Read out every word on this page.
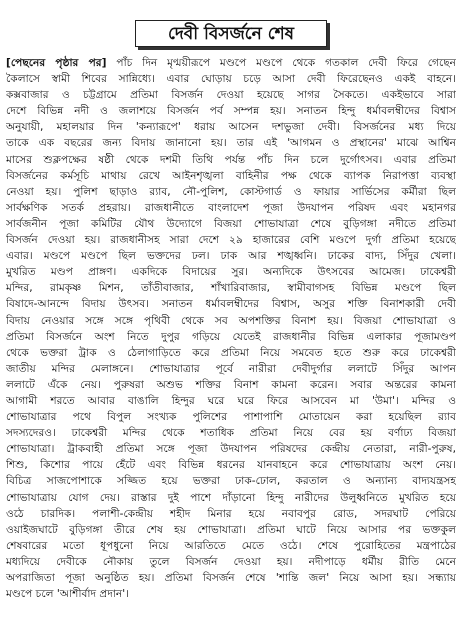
দেবী বিসর্জনে শেষ
[পেছনের পৃষ্ঠার পর] পাঁচ দিন মৃণ্ময়ীরূপে মণ্ডপে মণ্ডপে থেকে গতকাল দেবী ফিরে গেছেন
কৈলাসে স্বামী শিবের সান্নিধ্যে। এবার ঘোড়ায় চড়ে আসা দেবী ফিরেছেনও একই বাহনে।
কক্সবাজার ও চট্টগ্রামে প্রতিমা বিসর্জন দেওয়া হয়েছে সাগর সৈকতে। একইভাবে সারা
দেশে বিভিন্ন নদী ও জলাশয়ে বিসর্জন পর্ব সম্পন্ন হয়। সনাতন হিন্দু ধর্মাবলম্বীদের বিশ্বাস
অনুযায়ী, মহালয়ার দিন 'কন্যারূপে' ধরায় আসেন দশভুজা দেবী। বিসর্জনের মধ্য দিয়ে
তাকে এক বছরের জন্য বিদায় জানানো হয়। তার এই 'আগমন ও প্রস্থানের' মাঝে আশ্বিন
মাসের শুক্লপক্ষের ষষ্ঠী থেকে দশমী তিথি পর্যন্ত পাঁচ দিন চলে দুর্গোৎসব। এবার প্রতিমা
বিসর্জনের কর্মসূচি মাথায় রেখে আইনশৃঙ্খলা বাহিনীর পক্ষ থেকে ব্যাপক নিরাপত্তা ব্যবস্থা
নেওয়া হয়। পুলিশ ছাড়াও র‌্যাব, নৌ-পুলিশ, কোস্টগার্ড ও ফায়ার সার্ভিসের কর্মীরা ছিল
সার্বক্ষণিক সতর্ক প্রহরায়। রাজধানীতে বাংলাদেশ পূজা উদযাপন পরিষদ এবং মহানগর
সার্বজনীন পূজা কমিটির যৌথ উদ্যোগে বিজয়া শোভাযাত্রা শেষে বুড়িগঙ্গা নদীতে প্রতিমা
বিসর্জন দেওয়া হয়। রাজধানীসহ সারা দেশে ২৯ হাজারের বেশি মণ্ডপে দুর্গা প্রতিমা হয়েছে
এবার। মণ্ডপে মণ্ডপে ছিল ভক্তদের ঢল। ঢাক আর শঙ্খধ্বনি। ঢাকের বাদ্য, সিঁদুর খেলা।
মুখরিত মণ্ডপ প্রাঙ্গণ। একদিকে বিদায়ের সুর। অন্যদিকে উৎসবের আমেজ। ঢাকেশ্বরী
মন্দির, রামকৃষ্ণ মিশন, তাঁতীবাজার, শাঁখারিবাজার, স্বামীবাগসহ বিভিন্ন মণ্ডপে ছিল
বিষাদে-আনন্দে বিদায় উৎসব। সনাতন ধর্মাবলম্বীদের বিশ্বাস, অসুর শক্তি বিনাশকারী দেবী
বিদায় নেওয়ার সঙ্গে সঙ্গে পৃথিবী থেকে সব অপশক্তির বিনাশ হয়। বিজয়া শোভাযাত্রা ও
প্রতিমা বিসর্জনে অংশ নিতে দুপুর গড়িয়ে যেতেই রাজধানীর বিভিন্ন এলাকার পূজামণ্ডপ
থেকে ভক্তরা ট্রাক ও ঠেলাগাড়িতে করে প্রতিমা নিয়ে সমবেত হতে শুরু করে ঢাকেশ্বরী
জাতীয় মন্দির মেলাঙ্গনে। শোভাযাত্রার পূর্বে নারীরা দেবীদুর্গার ললাটে সিঁদুর আপন
ললাটে এঁকে নেয়। পুরুষরা অশুভ শক্তির বিনাশ কামনা করেন। সবার অন্তরের কামনা
আগামী শরতে আবার বাঙালি হিন্দুর ঘরে ঘরে ফিরে আসবেন মা 'উমা'। মন্দির ও
শোভাযাত্রার পথে বিপুল সংখ্যক পুলিশের পাশাপাশি মোতায়েন করা হয়েছিল র‌্যাব
সদস্যদেরও। ঢাকেশ্বরী মন্দির থেকে শতাধিক প্রতিমা নিয়ে বের হয় বর্ণাঢ্য বিজয়া
শোভাযাত্রা। ট্রাকবাহী প্রতিমা সঙ্গে পূজা উদযাপন পরিষদের কেন্দ্রীয় নেতারা, নারী-পুরুষ,
শিশু, কিশোর পায়ে হেঁটে এবং বিভিন্ন ধরনের যানবাহনে করে শোভাযাত্রায় অংশ নেয়।
বিচিত্র সাজপোশাকে সজ্জিত হয়ে ভক্তরা ঢাক-ঢোল, করতাল ও অন্যান্য বাদ্যযন্ত্রসহ
শোভাযাত্রায় যোগ দেয়। রাস্তার দুই পাশে দাঁড়ানো হিন্দু নারীদের উলুধ্বনিতে মুখরিত হয়ে
ওঠে চারদিক। পলাশী-কেন্দ্রীয় শহীদ মিনার হয়ে নবাবপুর রোড, সদরঘাট পেরিয়ে
ওয়াইজঘাটে বুড়িগঙ্গা তীরে শেষ হয় শোভাযাত্রা। প্রতিমা ঘাটে নিয়ে আসার পর ভক্তকুল
শেষবারের মতো ধূপধুনো নিয়ে আরতিতে মেতে ওঠে। শেষে পুরোহিতের মন্ত্রপাঠের
মধ্যদিয়ে দেবীকে নৌকায় তুলে বিসর্জন দেওয়া হয়। নদীপাড়ে ধর্মীয় রীতি মেনে
অপরাজিতা পূজা অনুষ্ঠিত হয়। প্রতিমা বিসর্জন শেষে 'শান্তি জল' নিয়ে আসা হয়। সন্ধ্যায়
মণ্ডপে চলে 'আশীর্বাদ প্রদান'।
